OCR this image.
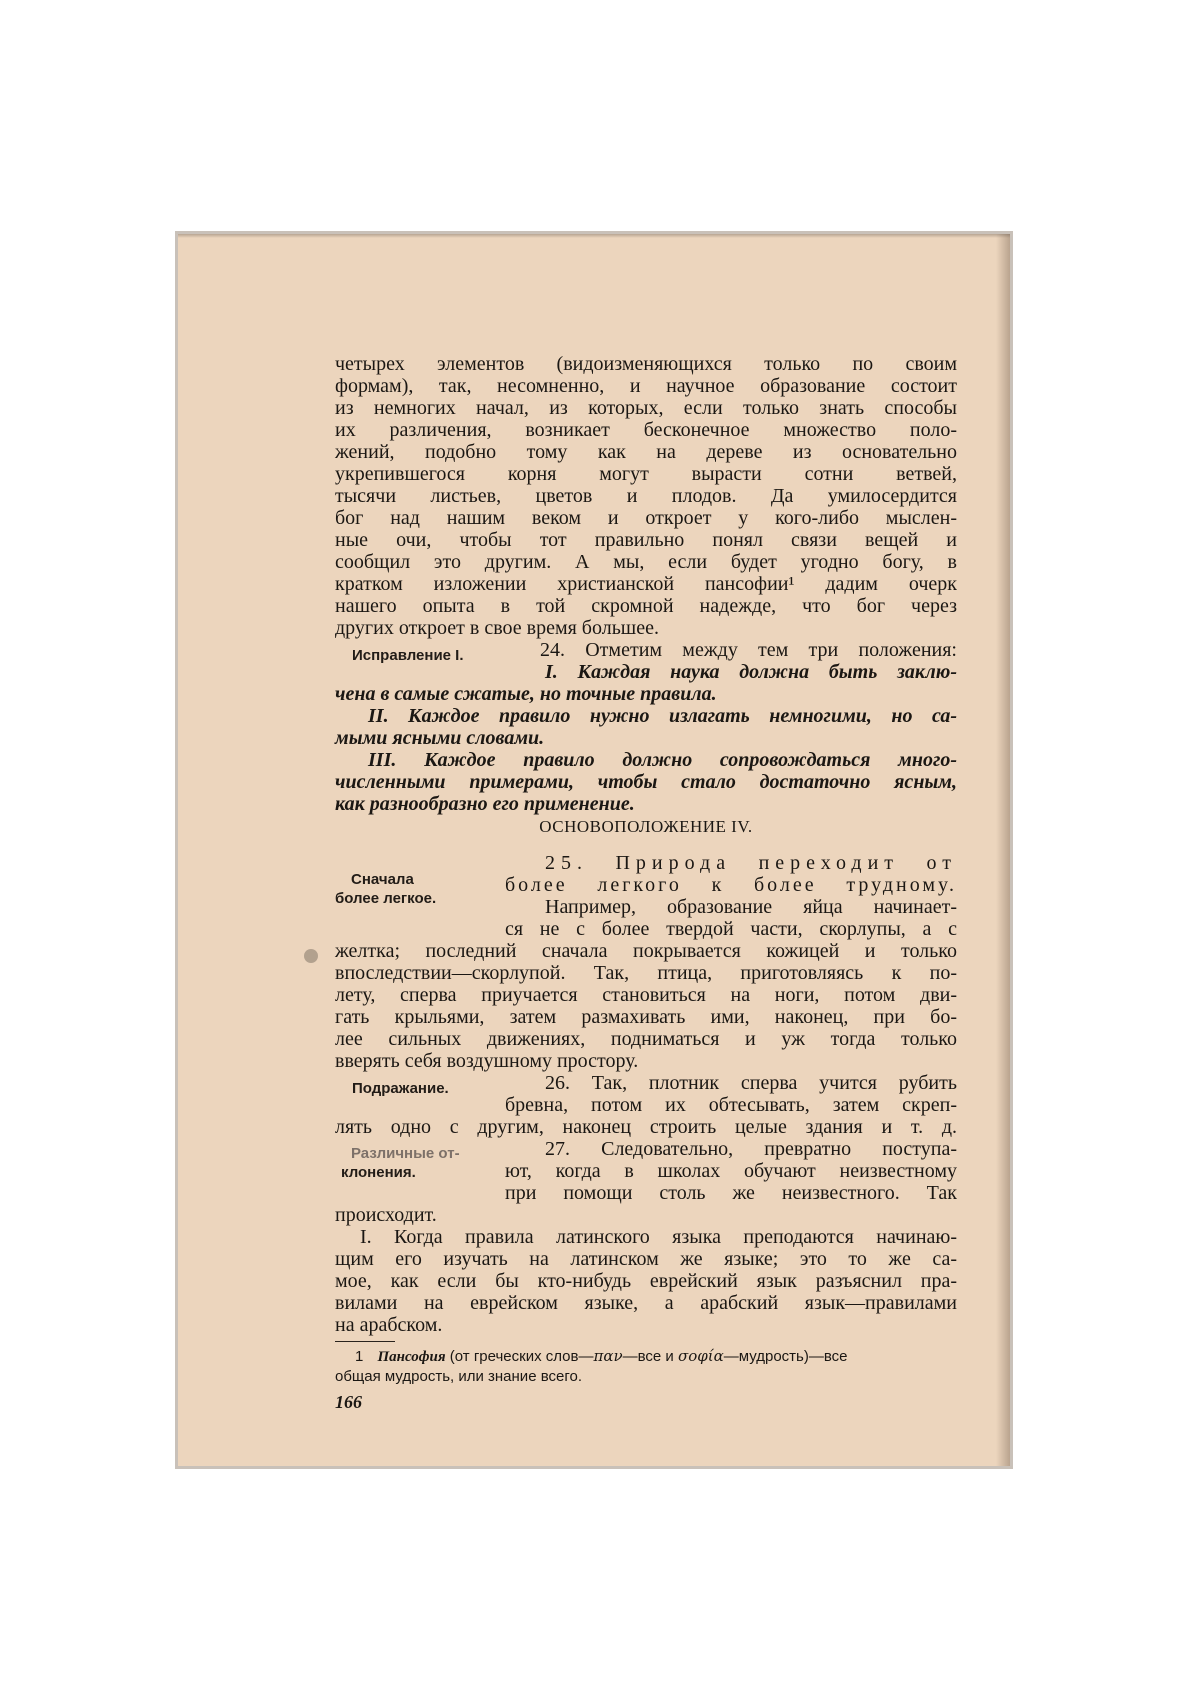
четырех элементов (видоизменяющихся только по своим
формам), так, несомненно, и научное образование состоит
из немногих начал, из которых, если только знать способы
их различения, возникает бесконечное множество поло-
жений, подобно тому как на дереве из основательно
укрепившегося корня могут вырасти сотни ветвей,
тысячи листьев, цветов и плодов. Да умилосердится
бог над нашим веком и откроет у кого-либо мыслен-
ные очи, чтобы тот правильно понял связи вещей и
сообщил это другим. А мы, если будет угодно богу, в
кратком изложении христианской пансофии¹ дадим очерк
нашего опыта в той скромной надежде, что бог через
других откроет в свое время большее.
Исправление I.	24. Отметим между тем три положения:
I. Каждая наука должна быть заклю-
чена в самые сжатые, но точные правила.
II. Каждое правило нужно излагать немногими, но са-
мыми ясными словами.
III. Каждое правило должно сопровождаться много-
численными примерами, чтобы стало достаточно ясным,
как разнообразно его применение.
ОСНОВОПОЛОЖЕНИЕ IV.
Сначала
более легкое.
25. Природа переходит от
более легкого к более трудному.
Например, образование яйца начинает-
ся не с более твердой части, скорлупы, а с
желтка; последний сначала покрывается кожицей и только
впоследствии—скорлупой. Так, птица, приготовляясь к по-
лету, сперва приучается становиться на ноги, потом дви-
гать крыльями, затем размахивать ими, наконец, при бо-
лее сильных движениях, подниматься и уж тогда только
вверять себя воздушному простору.
Подражание.	26. Так, плотник сперва учится рубить
бревна, потом их обтесывать, затем скреп-
лять одно с другим, наконец строить целые здания и т. д.
Различные от-
клонения.
27. Следовательно, превратно поступа-
ют, когда в школах обучают неизвестному
при помощи столь же неизвестного. Так
происходит.
I. Когда правила латинского языка преподаются начинаю-
щим его изучать на латинском же языке; это то же са-
мое, как если бы кто-нибудь еврейский язык разъяснил пра-
вилами на еврейском языке, а арабский язык—правилами
на арабском.
1 Пансофия (от греческих слов—παν—все и σοφία—мудрость)—все
общая мудрость, или знание всего.
166
